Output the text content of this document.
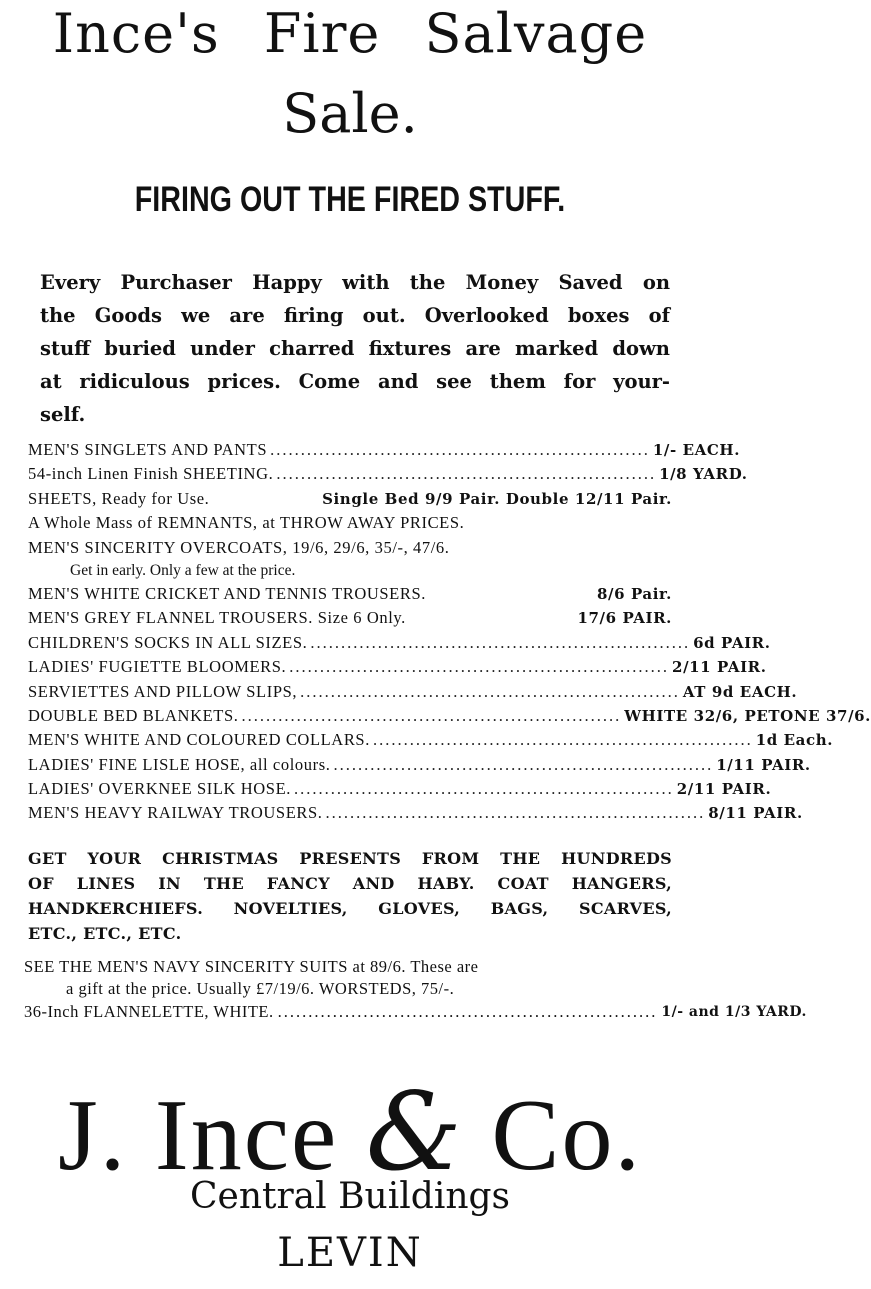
Ince's Fire Salvage
Sale.
FIRING OUT THE FIRED STUFF.
Every Purchaser Happy with the Money Saved on
the Goods we are firing out. Overlooked boxes of
stuff buried under charred fixtures are marked down
at ridiculous prices. Come and see them for your-
self.
MEN'S SINGLETS AND PANTS .............................................................. 1/- EACH.
54-inch Linen Finish SHEETING. .............................................................. 1/8 YARD.
SHEETS, Ready for Use.	Single Bed 9/9 Pair. Double 12/11 Pair.
A Whole Mass of REMNANTS, at THROW AWAY PRICES.
MEN'S SINCERITY OVERCOATS, 19/6, 29/6, 35/-, 47/6.
Get in early. Only a few at the price.
MEN'S WHITE CRICKET AND TENNIS TROUSERS.	8/6 Pair.
MEN'S GREY FLANNEL TROUSERS. Size 6 Only.	17/6 PAIR.
CHILDREN'S SOCKS IN ALL SIZES. .............................................................. 6d PAIR.
LADIES' FUGIETTE BLOOMERS. .............................................................. 2/11 PAIR.
SERVIETTES AND PILLOW SLIPS, .............................................................. AT 9d EACH.
DOUBLE BED BLANKETS. .............................................................. WHITE 32/6, PETONE 37/6.
MEN'S WHITE AND COLOURED COLLARS. .............................................................. 1d Each.
LADIES' FINE LISLE HOSE, all colours. .............................................................. 1/11 PAIR.
LADIES' OVERKNEE SILK HOSE. .............................................................. 2/11 PAIR.
MEN'S HEAVY RAILWAY TROUSERS. .............................................................. 8/11 PAIR.
GET YOUR CHRISTMAS PRESENTS FROM THE HUNDREDS
OF LINES IN THE FANCY AND HABY. COAT HANGERS,
HANDKERCHIEFS. NOVELTIES, GLOVES, BAGS, SCARVES,
ETC., ETC., ETC.
SEE THE MEN'S NAVY SINCERITY SUITS at 89/6. These are
a gift at the price. Usually £7/19/6. WORSTEDS, 75/-.
36-Inch FLANNELETTE, WHITE. .............................................................. 1/- and 1/3 YARD.
J. Ince & Co.
Central Buildings
LEVIN
